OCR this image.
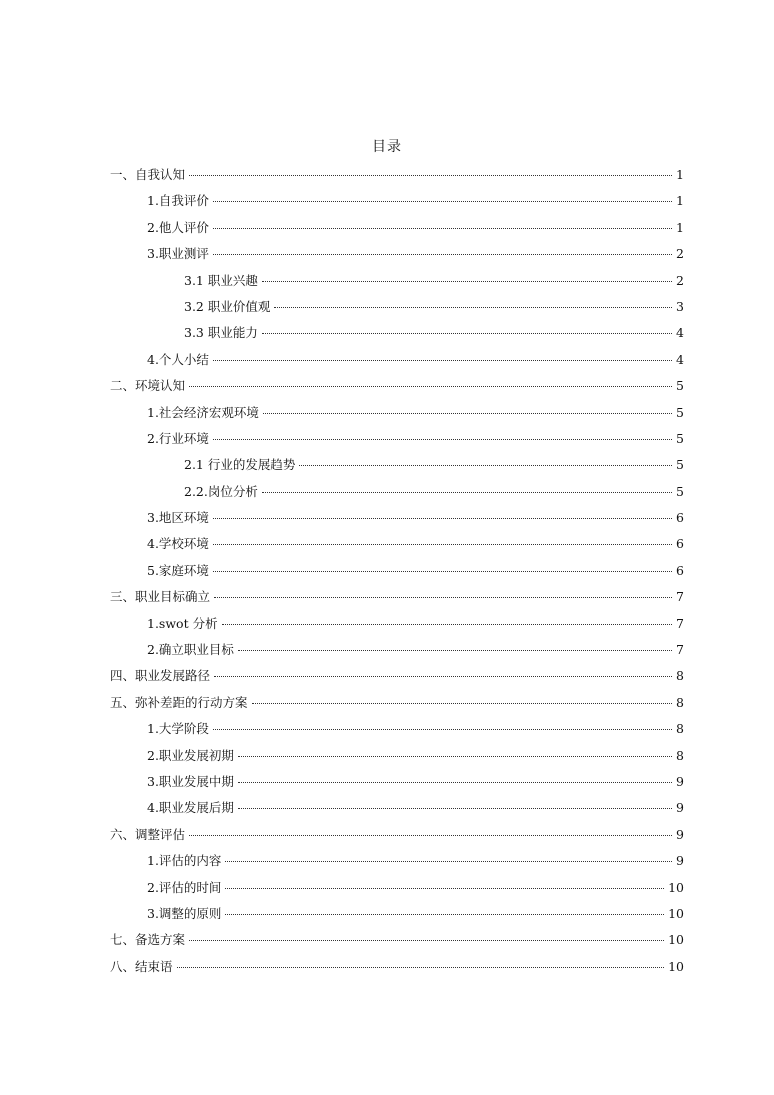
目录
一、自我认知	1
1.自我评价	1
2.他人评价	1
3.职业测评	2
3.1 职业兴趣	2
3.2 职业价值观	3
3.3 职业能力	4
4.个人小结	4
二、环境认知	5
1.社会经济宏观环境	5
2.行业环境	5
2.1 行业的发展趋势	5
2.2.岗位分析	5
3.地区环境	6
4.学校环境	6
5.家庭环境	6
三、职业目标确立	7
1.swot 分析	7
2.确立职业目标	7
四、职业发展路径	8
五、弥补差距的行动方案	8
1.大学阶段	8
2.职业发展初期	8
3.职业发展中期	9
4.职业发展后期	9
六、调整评估	9
1.评估的内容	9
2.评估的时间	10
3.调整的原则	10
七、备选方案	10
八、结束语	10
